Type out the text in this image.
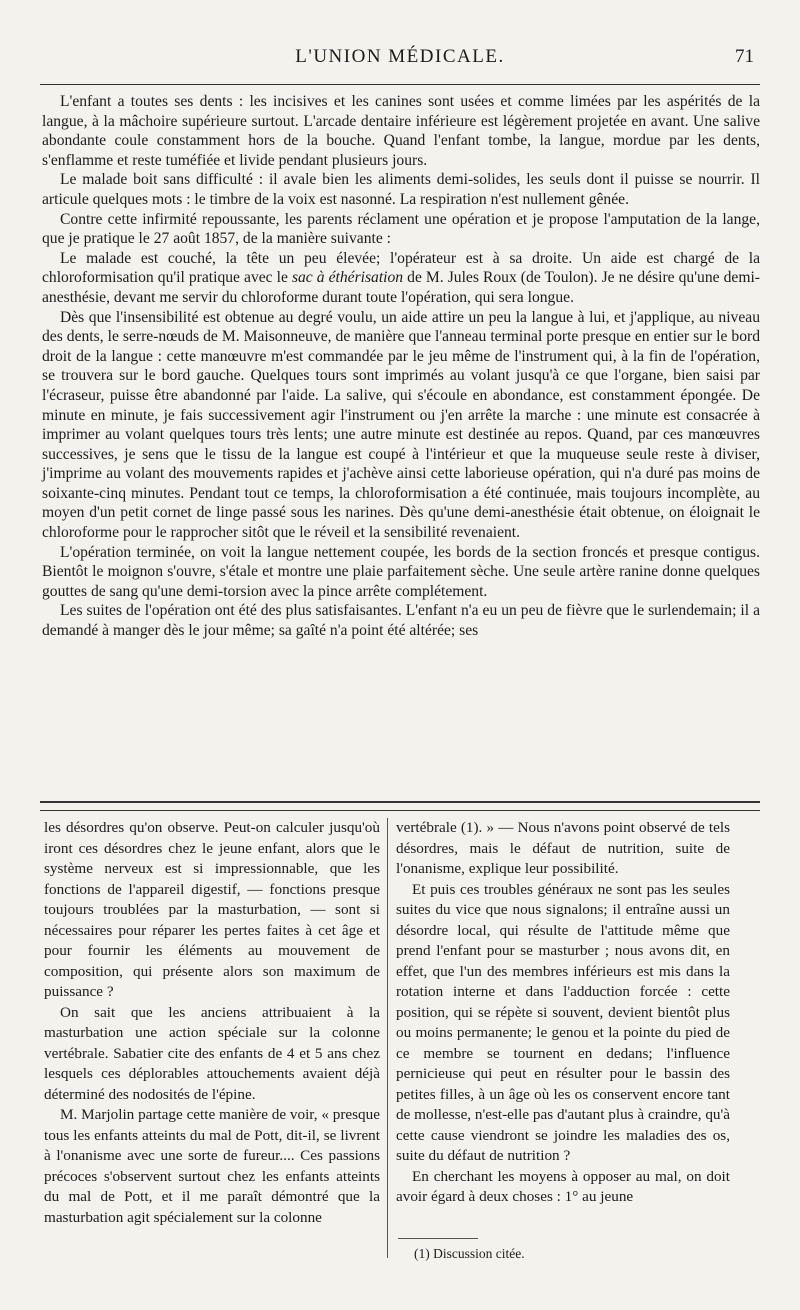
L'UNION MÉDICALE.	71

L'enfant a toutes ses dents : les incisives et les canines sont usées et comme limées par les aspérités de la langue, à la mâchoire supérieure surtout. L'arcade dentaire inférieure est légèrement projetée en avant. Une salive abondante coule constamment hors de la bouche. Quand l'enfant tombe, la langue, mordue par les dents, s'enflamme et reste tuméfiée et livide pendant plusieurs jours.

Le malade boit sans difficulté : il avale bien les aliments demi-solides, les seuls dont il puisse se nourrir. Il articule quelques mots : le timbre de la voix est nasonné. La respiration n'est nullement gênée.

Contre cette infirmité repoussante, les parents réclament une opération et je propose l'amputation de la lange, que je pratique le 27 août 1857, de la manière suivante :

Le malade est couché, la tête un peu élevée; l'opérateur est à sa droite. Un aide est chargé de la chloroformisation qu'il pratique avec le sac à éthérisation de M. Jules Roux (de Toulon). Je ne désire qu'une demi-anesthésie, devant me servir du chloroforme durant toute l'opération, qui sera longue.

Dès que l'insensibilité est obtenue au degré voulu, un aide attire un peu la langue à lui, et j'applique, au niveau des dents, le serre-nœuds de M. Maisonneuve, de manière que l'anneau terminal porte presque en entier sur le bord droit de la langue : cette manœuvre m'est commandée par le jeu même de l'instrument qui, à la fin de l'opération, se trouvera sur le bord gauche. Quelques tours sont imprimés au volant jusqu'à ce que l'organe, bien saisi par l'écraseur, puisse être abandonné par l'aide. La salive, qui s'écoule en abondance, est constamment épongée. De minute en minute, je fais successivement agir l'instrument ou j'en arrête la marche : une minute est consacrée à imprimer au volant quelques tours très lents; une autre minute est destinée au repos. Quand, par ces manœuvres successives, je sens que le tissu de la langue est coupé à l'intérieur et que la muqueuse seule reste à diviser, j'imprime au volant des mouvements rapides et j'achève ainsi cette laborieuse opération, qui n'a duré pas moins de soixante-cinq minutes. Pendant tout ce temps, la chloroformisation a été continuée, mais toujours incomplète, au moyen d'un petit cornet de linge passé sous les narines. Dès qu'une demi-anesthésie était obtenue, on éloignait le chloroforme pour le rapprocher sitôt que le réveil et la sensibilité revenaient.

L'opération terminée, on voit la langue nettement coupée, les bords de la section froncés et presque contigus. Bientôt le moignon s'ouvre, s'étale et montre une plaie parfaitement sèche. Une seule artère ranine donne quelques gouttes de sang qu'une demi-torsion avec la pince arrête complétement.

Les suites de l'opération ont été des plus satisfaisantes. L'enfant n'a eu un peu de fièvre que le surlendemain; il a demandé à manger dès le jour même; sa gaîté n'a point été altérée; ses

les désordres qu'on observe. Peut-on calculer jusqu'où iront ces désordres chez le jeune enfant, alors que le système nerveux est si impressionnable, que les fonctions de l'appareil digestif, — fonctions presque toujours troublées par la masturbation, — sont si nécessaires pour réparer les pertes faites à cet âge et pour fournir les éléments au mouvement de composition, qui présente alors son maximum de puissance ?

On sait que les anciens attribuaient à la masturbation une action spéciale sur la colonne vertébrale. Sabatier cite des enfants de 4 et 5 ans chez lesquels ces déplorables attouchements avaient déjà déterminé des nodosités de l'épine.

M. Marjolin partage cette manière de voir, « presque tous les enfants atteints du mal de Pott, dit-il, se livrent à l'onanisme avec une sorte de fureur.... Ces passions précoces s'observent surtout chez les enfants atteints du mal de Pott, et il me paraît démontré que la masturbation agit spécialement sur la colonne

vertébrale (1). » — Nous n'avons point observé de tels désordres, mais le défaut de nutrition, suite de l'onanisme, explique leur possibilité.

Et puis ces troubles généraux ne sont pas les seules suites du vice que nous signalons; il entraîne aussi un désordre local, qui résulte de l'attitude même que prend l'enfant pour se masturber ; nous avons dit, en effet, que l'un des membres inférieurs est mis dans la rotation interne et dans l'adduction forcée : cette position, qui se répète si souvent, devient bientôt plus ou moins permanente; le genou et la pointe du pied de ce membre se tournent en dedans; l'influence pernicieuse qui peut en résulter pour le bassin des petites filles, à un âge où les os conservent encore tant de mollesse, n'est-elle pas d'autant plus à craindre, qu'à cette cause viendront se joindre les maladies des os, suite du défaut de nutrition ?

En cherchant les moyens à opposer au mal, on doit avoir égard à deux choses : 1° au jeune

(1) Discussion citée.
